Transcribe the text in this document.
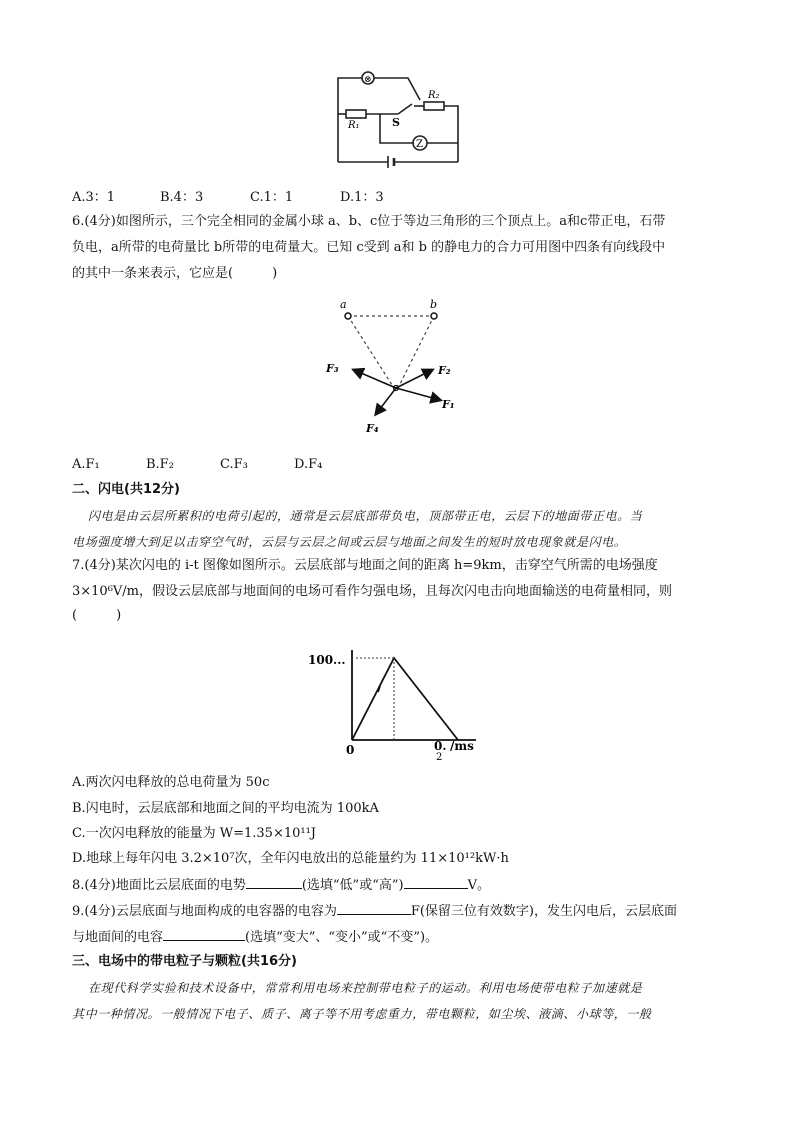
⊗
R₁
R₂
S
Z
A.3：1	B.4：3	C.1：1	D.1：3
6.(4分)如图所示，三个完全相同的金属小球 a、b、c位于等边三角形的三个顶点上。a和c带正电，石带
负电，a所带的电荷量比 b所带的电荷量大。已知 c受到 a和 b 的静电力的合力可用图中四条有向线段中
的其中一条来表示，它应是(　　　)
a	b
F₁
F₂
F₃
F₄
A.F₁	B.F₂	C.F₃	D.F₄
二、闪电(共12分)
闪电是由云层所累积的电荷引起的，通常是云层底部带负电，顶部带正电，云层下的地面带正电。当
电场强度增大到足以击穿空气时，云层与云层之间或云层与地面之间发生的短时放电现象就是闪电。
7.(4分)某次闪电的 i-t 图像如图所示。云层底部与地面之间的距离 h=9km，击穿空气所需的电场强度
3×10⁶V/m，假设云层底部与地面间的电场可看作匀强电场，且每次闪电击向地面输送的电荷量相同，则
(　　　)
100...
0	0. /ms
2
A.两次闪电释放的总电荷量为 50c
B.闪电时，云层底部和地面之间的平均电流为 100kA
C.一次闪电释放的能量为 W=1.35×10¹¹J
D.地球上每年闪电 3.2×10⁷次，全年闪电放出的总能量约为 11×10¹²kW·h
8.(4分)地面比云层底面的电势	(选填“低”或“高”)	V。
9.(4分)云层底面与地面构成的电容器的电容为	F(保留三位有效数字)，发生闪电后，云层底面
与地面间的电容	(选填“变大”、“变小”或“不变”)。
三、电场中的带电粒子与颗粒(共16分)
在现代科学实验和技术设备中，常常利用电场来控制带电粒子的运动。利用电场使带电粒子加速就是
其中一种情况。一般情况下电子、质子、离子等不用考虑重力，带电颗粒，如尘埃、液滴、小球等，一般
